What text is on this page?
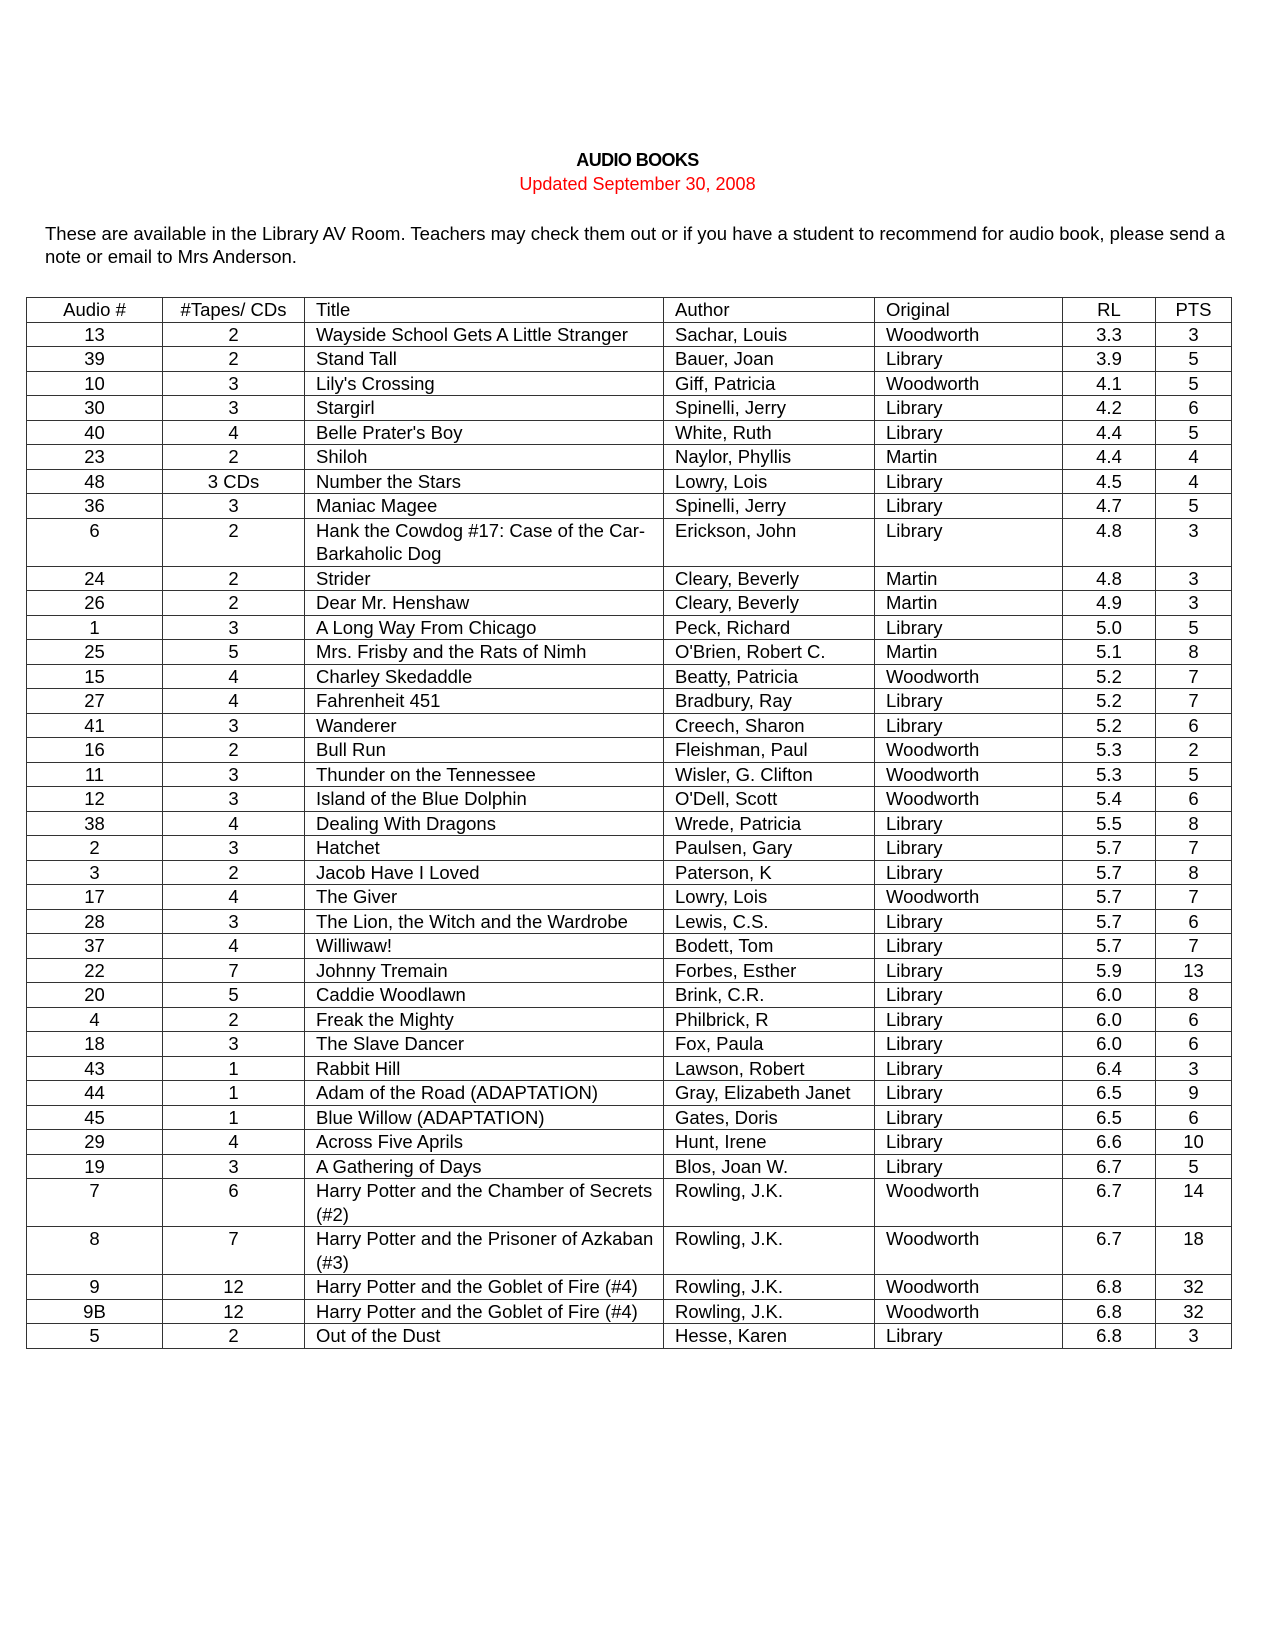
AUDIO BOOKS
Updated September 30, 2008
These are available in the Library AV Room. Teachers may check them out or if you have a student to recommend for audio book, please send a note or email to Mrs Anderson.
Audio #	#Tapes/ CDs	Title	Author	Original	RL	PTS
13	2	Wayside School Gets A Little Stranger	Sachar, Louis	Woodworth	3.3	3
39	2	Stand Tall	Bauer, Joan	Library	3.9	5
10	3	Lily's Crossing	Giff, Patricia	Woodworth	4.1	5
30	3	Stargirl	Spinelli, Jerry	Library	4.2	6
40	4	Belle Prater's Boy	White, Ruth	Library	4.4	5
23	2	Shiloh	Naylor, Phyllis	Martin	4.4	4
48	3 CDs	Number the Stars	Lowry, Lois	Library	4.5	4
36	3	Maniac Magee	Spinelli, Jerry	Library	4.7	5
6	2	Hank the Cowdog #17: Case of the Car-Barkaholic Dog	Erickson, John	Library	4.8	3
24	2	Strider	Cleary, Beverly	Martin	4.8	3
26	2	Dear Mr. Henshaw	Cleary, Beverly	Martin	4.9	3
1	3	A Long Way From Chicago	Peck, Richard	Library	5.0	5
25	5	Mrs. Frisby and the Rats of Nimh	O'Brien, Robert C.	Martin	5.1	8
15	4	Charley Skedaddle	Beatty, Patricia	Woodworth	5.2	7
27	4	Fahrenheit 451	Bradbury, Ray	Library	5.2	7
41	3	Wanderer	Creech, Sharon	Library	5.2	6
16	2	Bull Run	Fleishman, Paul	Woodworth	5.3	2
11	3	Thunder on the Tennessee	Wisler, G. Clifton	Woodworth	5.3	5
12	3	Island of the Blue Dolphin	O'Dell, Scott	Woodworth	5.4	6
38	4	Dealing With Dragons	Wrede, Patricia	Library	5.5	8
2	3	Hatchet	Paulsen, Gary	Library	5.7	7
3	2	Jacob Have I Loved	Paterson, K	Library	5.7	8
17	4	The Giver	Lowry, Lois	Woodworth	5.7	7
28	3	The Lion, the Witch and the Wardrobe	Lewis, C.S.	Library	5.7	6
37	4	Williwaw!	Bodett, Tom	Library	5.7	7
22	7	Johnny Tremain	Forbes, Esther	Library	5.9	13
20	5	Caddie Woodlawn	Brink, C.R.	Library	6.0	8
4	2	Freak the Mighty	Philbrick, R	Library	6.0	6
18	3	The Slave Dancer	Fox, Paula	Library	6.0	6
43	1	Rabbit Hill	Lawson, Robert	Library	6.4	3
44	1	Adam of the Road (ADAPTATION)	Gray, Elizabeth Janet	Library	6.5	9
45	1	Blue Willow (ADAPTATION)	Gates, Doris	Library	6.5	6
29	4	Across Five Aprils	Hunt, Irene	Library	6.6	10
19	3	A Gathering of Days	Blos, Joan W.	Library	6.7	5
7	6	Harry Potter and the Chamber of Secrets (#2)	Rowling, J.K.	Woodworth	6.7	14
8	7	Harry Potter and the Prisoner of Azkaban (#3)	Rowling, J.K.	Woodworth	6.7	18
9	12	Harry Potter and the Goblet of Fire (#4)	Rowling, J.K.	Woodworth	6.8	32
9B	12	Harry Potter and the Goblet of Fire (#4)	Rowling, J.K.	Woodworth	6.8	32
5	2	Out of the Dust	Hesse, Karen	Library	6.8	3
